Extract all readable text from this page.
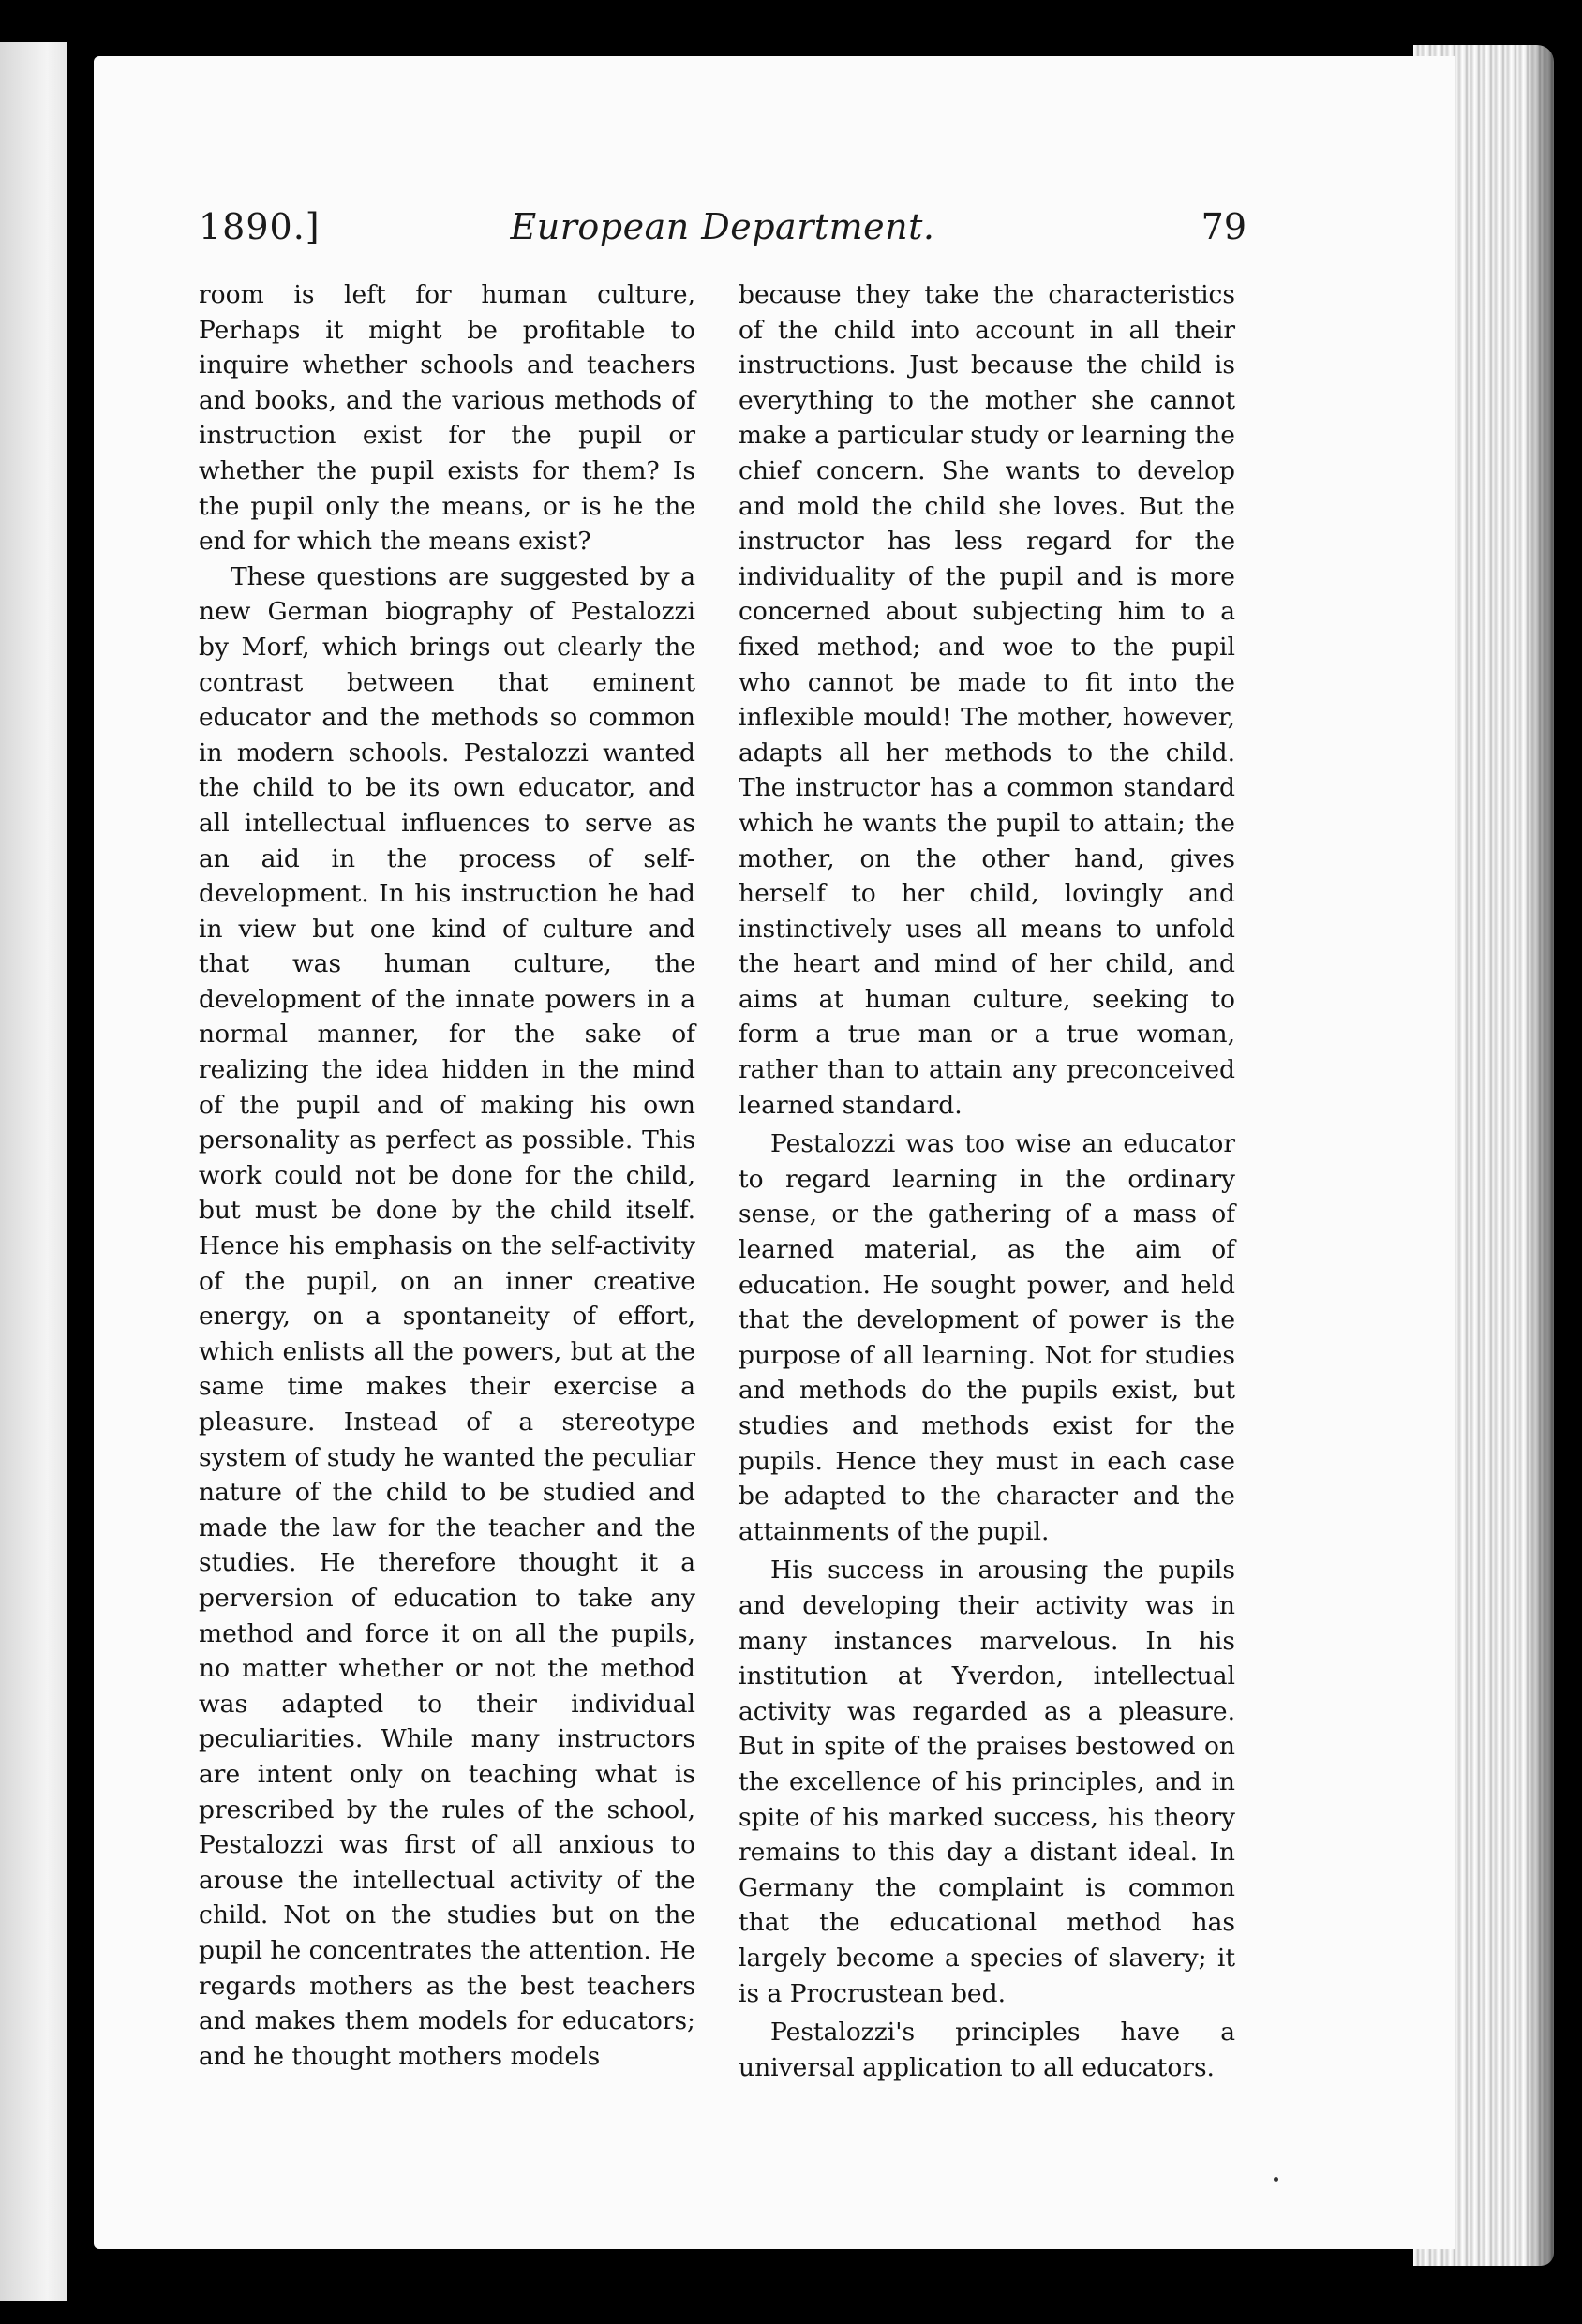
1890.]	European Department.	79

room is left for human culture, Perhaps it might be profitable to inquire whether schools and teachers and books, and the various methods of instruction exist for the pupil or whether the pupil exists for them? Is the pupil only the means, or is he the end for which the means exist?

These questions are suggested by a new German biography of Pestalozzi by Morf, which brings out clearly the contrast between that eminent educator and the methods so common in modern schools. Pestalozzi wanted the child to be its own educator, and all intellectual influences to serve as an aid in the process of self-development. In his instruction he had in view but one kind of culture and that was human culture, the development of the innate powers in a normal manner, for the sake of realizing the idea hidden in the mind of the pupil and of making his own personality as perfect as possible. This work could not be done for the child, but must be done by the child itself. Hence his emphasis on the self-activity of the pupil, on an inner creative energy, on a spontaneity of effort, which enlists all the powers, but at the same time makes their exercise a pleasure. Instead of a stereotype system of study he wanted the peculiar nature of the child to be studied and made the law for the teacher and the studies. He therefore thought it a perversion of education to take any method and force it on all the pupils, no matter whether or not the method was adapted to their individual peculiarities. While many instructors are intent only on teaching what is prescribed by the rules of the school, Pestalozzi was first of all anxious to arouse the intellectual activity of the child. Not on the studies but on the pupil he concentrates the attention. He regards mothers as the best teachers and makes them models for educators; and he thought mothers models

because they take the characteristics of the child into account in all their instructions. Just because the child is everything to the mother she cannot make a particular study or learning the chief concern. She wants to develop and mold the child she loves. But the instructor has less regard for the individuality of the pupil and is more concerned about subjecting him to a fixed method; and woe to the pupil who cannot be made to fit into the inflexible mould! The mother, however, adapts all her methods to the child. The instructor has a common standard which he wants the pupil to attain; the mother, on the other hand, gives herself to her child, lovingly and instinctively uses all means to unfold the heart and mind of her child, and aims at human culture, seeking to form a true man or a true woman, rather than to attain any preconceived learned standard.

Pestalozzi was too wise an educator to regard learning in the ordinary sense, or the gathering of a mass of learned material, as the aim of education. He sought power, and held that the development of power is the purpose of all learning. Not for studies and methods do the pupils exist, but studies and methods exist for the pupils. Hence they must in each case be adapted to the character and the attainments of the pupil.

His success in arousing the pupils and developing their activity was in many instances marvelous. In his institution at Yverdon, intellectual activity was regarded as a pleasure. But in spite of the praises bestowed on the excellence of his principles, and in spite of his marked success, his theory remains to this day a distant ideal. In Germany the complaint is common that the educational method has largely become a species of slavery; it is a Procrustean bed.

Pestalozzi's principles have a universal application to all educators.
